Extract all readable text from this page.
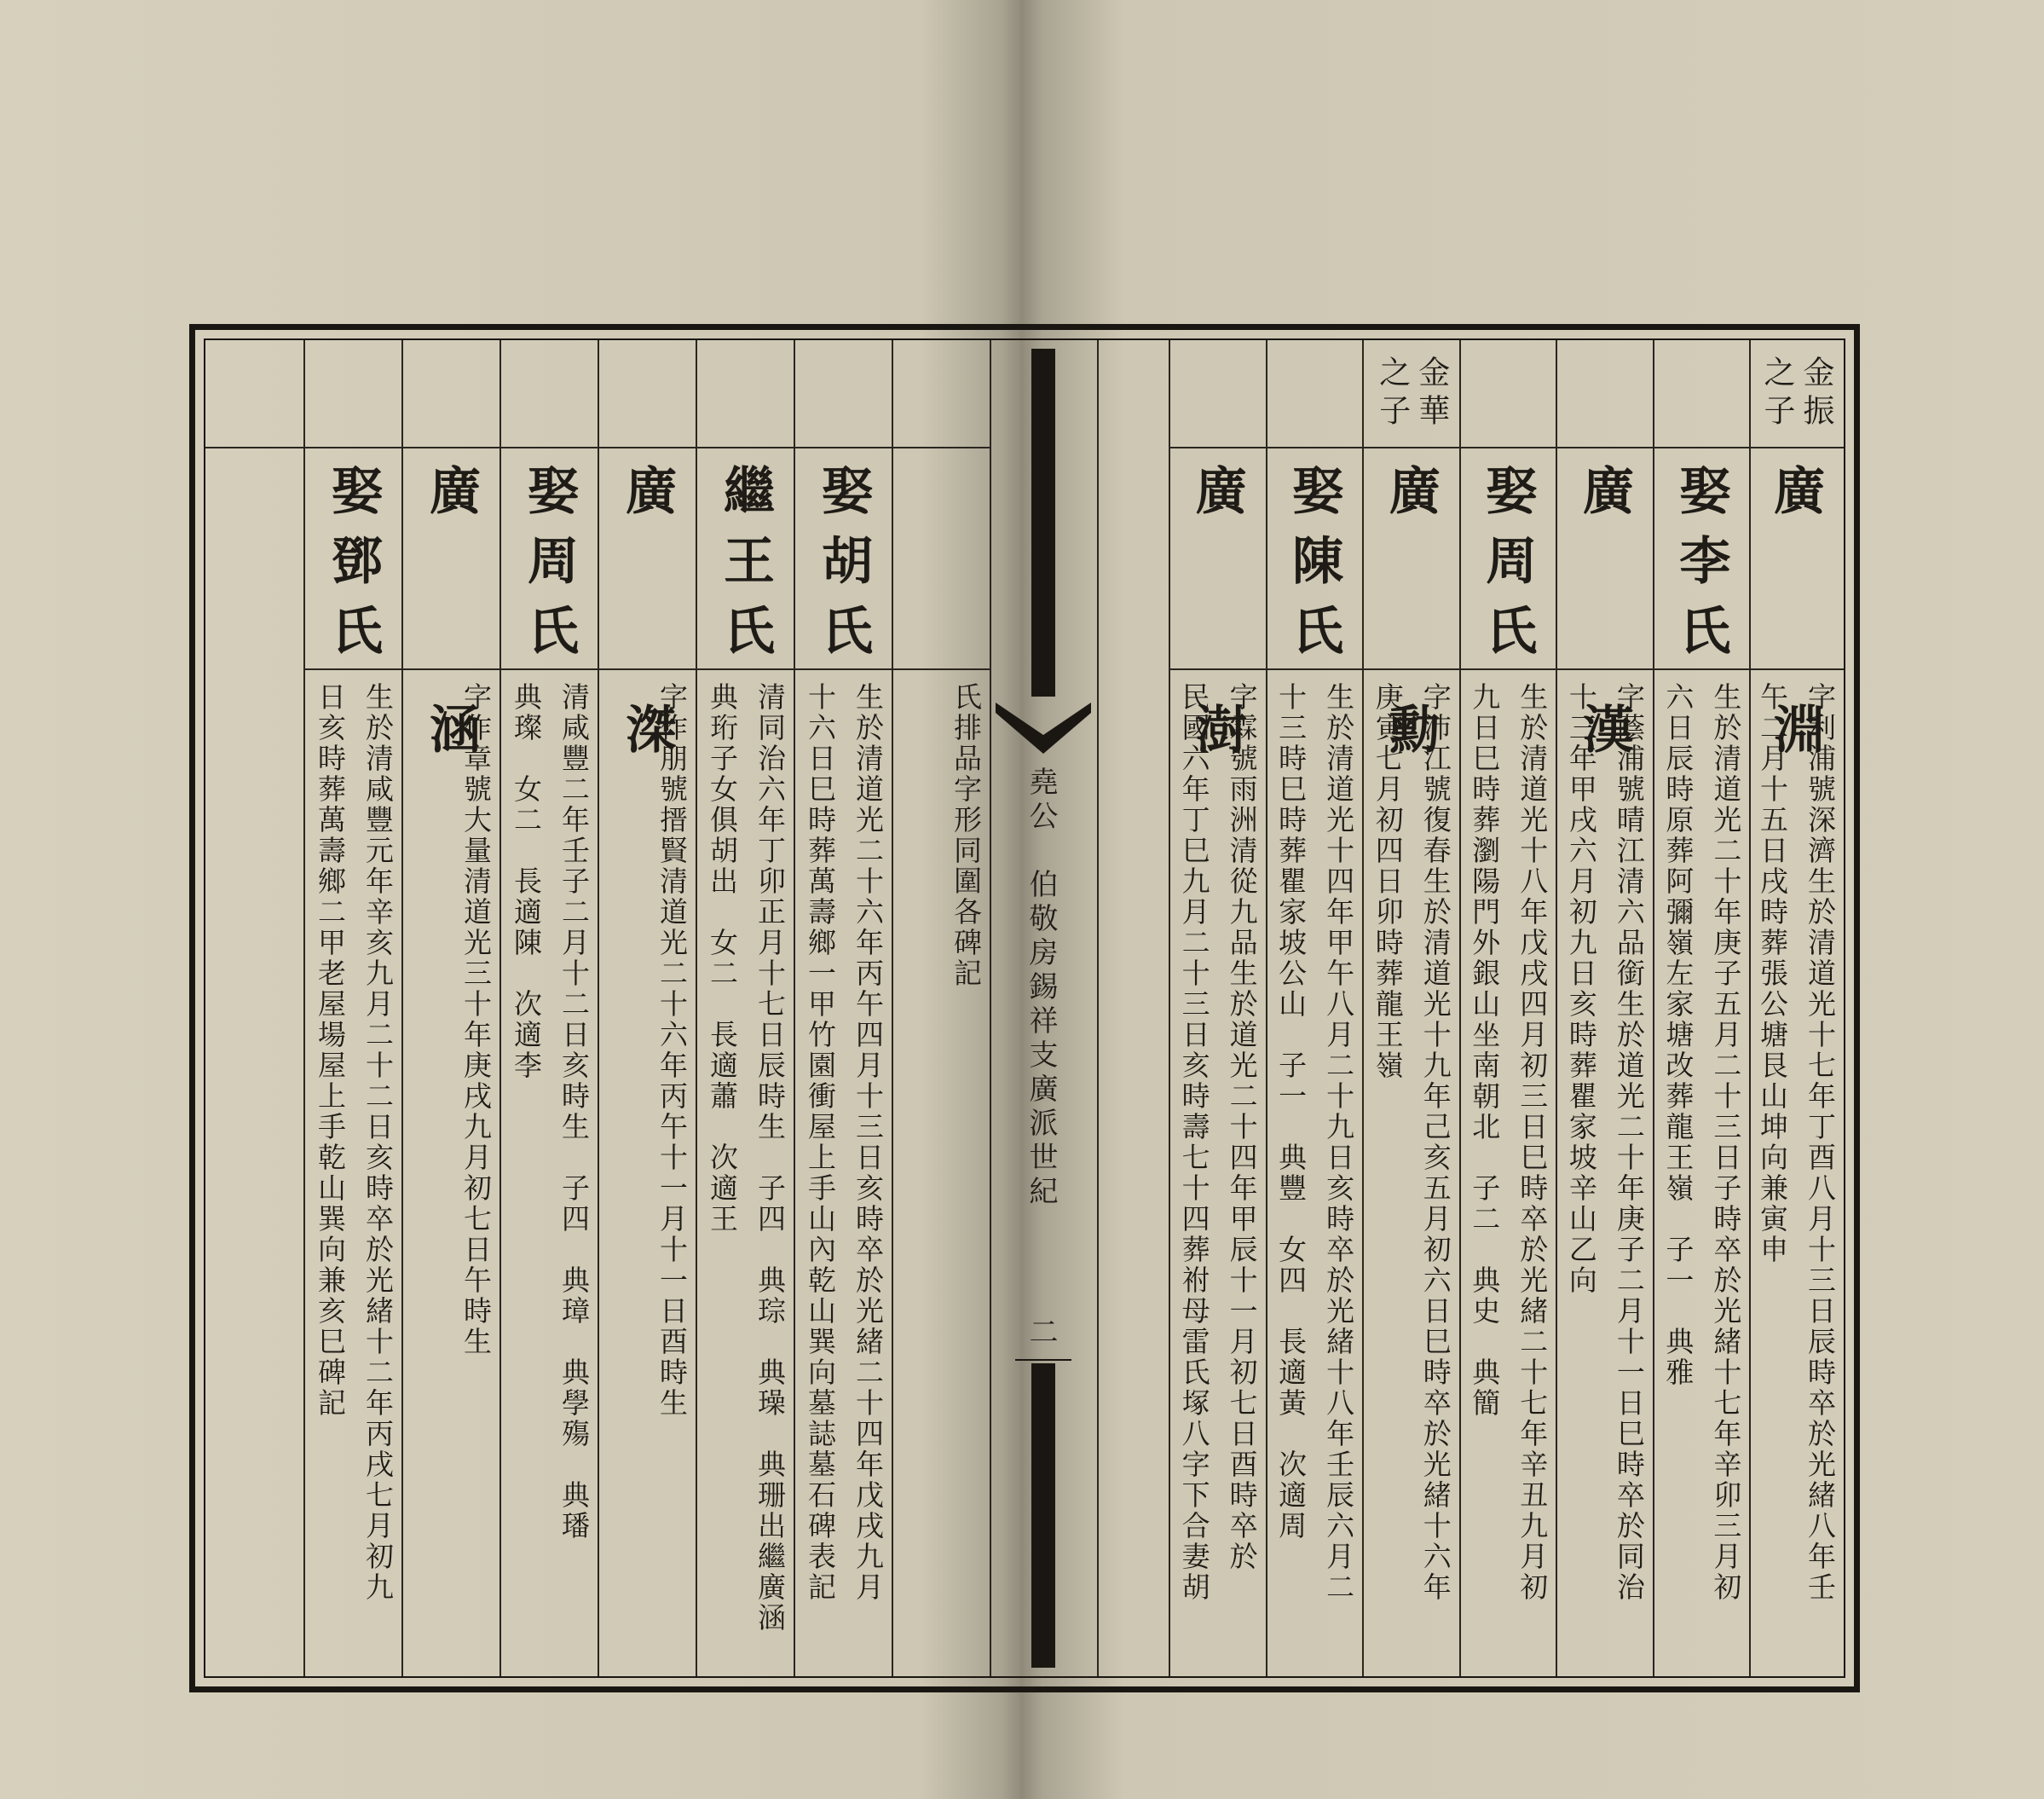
金振之子
廣　淵
字利浦號深濟生於清道光十七年丁酉八月十三日辰時卒於光緒八年壬
午二月十五日戌時葬張公塘艮山坤向兼寅申
娶李氏
生於清道光二十年庚子五月二十三日子時卒於光緒十七年辛卯三月初
六日辰時原葬阿彌嶺左家塘改葬龍王嶺　子一　典雅
廣　漢
字蔭浦號晴江清六品銜生於道光二十年庚子二月十一日巳時卒於同治
十三年甲戌六月初九日亥時葬瞿家坡辛山乙向
娶周氏
生於清道光十八年戊戌四月初三日巳時卒於光緒二十七年辛丑九月初
九日巳時葬瀏陽門外銀山坐南朝北　子二　典史　典簡
金華之子
廣　勳
字沛江號復春生於清道光十九年己亥五月初六日巳時卒於光緒十六年
庚寅七月初四日卯時葬龍王嶺
娶陳氏
生於清道光十四年甲午八月二十九日亥時卒於光緒十八年壬辰六月二
十三時巳時葬瞿家坡公山　子一　典豐　女四　長適黃　次適周
廣　澍
字霖號雨洲清從九品生於道光二十四年甲辰十一月初七日酉時卒於
民國六年丁巳九月二十三日亥時壽七十四葬祔母雷氏塚八字下合妻胡
堯公　伯敬房錫祥支廣派世紀
二
氏排品字形同圍各碑記
娶胡氏
生於清道光二十六年丙午四月十三日亥時卒於光緒二十四年戊戌九月
十六日巳時葬萬壽鄉一甲竹園衝屋上手山內乾山巽向墓誌墓石碑表記
繼王氏
清同治六年丁卯正月十七日辰時生　子四　典琮　典璪　典珊出繼廣涵
典珩子女俱胡出　女二　長適蕭　次適王
廣　滐
字作朋號搢賢清道光二十六年丙午十一月十一日酉時生
娶周氏
清咸豐二年壬子二月十二日亥時生　子四　典璋　典學殤　典璠
典璨　女二　長適陳　次適李
廣　涵
字作章號大量清道光三十年庚戌九月初七日午時生
娶鄧氏
生於清咸豐元年辛亥九月二十二日亥時卒於光緒十二年丙戌七月初九
日亥時葬萬壽鄉二甲老屋場屋上手乾山巽向兼亥巳碑記
